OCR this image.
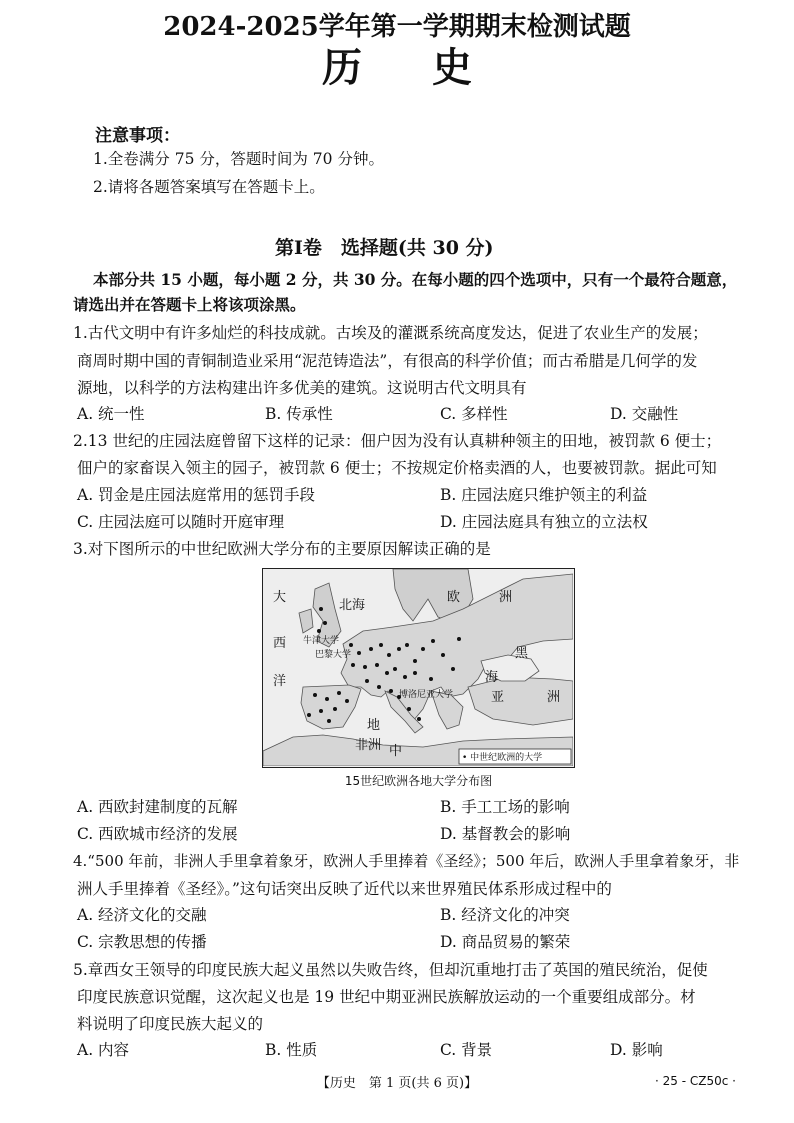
2024-2025学年第一学期期末检测试题
历史
注意事项：
1.全卷满分 75 分，答题时间为 70 分钟。
2.请将各题答案填写在答题卡上。
第Ⅰ卷　选择题(共 30 分)
本部分共 15 小题，每小题 2 分，共 30 分。在每小题的四个选项中，只有一个最符合题意，
请选出并在答题卡上将该项涂黑。
1.古代文明中有许多灿烂的科技成就。古埃及的灌溉系统高度发达，促进了农业生产的发展；
商周时期中国的青铜制造业采用“泥范铸造法”，有很高的科学价值；而古希腊是几何学的发
源地，以科学的方法构建出许多优美的建筑。这说明古代文明具有
A. 统一性	B. 传承性	C. 多样性	D. 交融性
2.13 世纪的庄园法庭曾留下这样的记录：佃户因为没有认真耕种领主的田地，被罚款 6 便士；
佃户的家畜误入领主的园子，被罚款 6 便士；不按规定价格卖酒的人，也要被罚款。据此可知
A. 罚金是庄园法庭常用的惩罚手段	B. 庄园法庭只维护领主的利益
C. 庄园法庭可以随时开庭审理	D. 庄园法庭具有独立的立法权
3.对下图所示的中世纪欧洲大学分布的主要原因解读正确的是
欧	洲
大
西
洋
北海
黑
海
亚	洲
非洲
地
中
牛津大学
巴黎大学
博洛尼亚大学
• 中世纪欧洲的大学
15世纪欧洲各地大学分布图
A. 西欧封建制度的瓦解	B. 手工工场的影响
C. 西欧城市经济的发展	D. 基督教会的影响
4.“500 年前，非洲人手里拿着象牙，欧洲人手里捧着《圣经》；500 年后，欧洲人手里拿着象牙，非
洲人手里捧着《圣经》。”这句话突出反映了近代以来世界殖民体系形成过程中的
A. 经济文化的交融	B. 经济文化的冲突
C. 宗教思想的传播	D. 商品贸易的繁荣
5.章西女王领导的印度民族大起义虽然以失败告终，但却沉重地打击了英国的殖民统治，促使
印度民族意识觉醒，这次起义也是 19 世纪中期亚洲民族解放运动的一个重要组成部分。材
料说明了印度民族大起义的
A. 内容	B. 性质	C. 背景	D. 影响
【历史　第 1 页(共 6 页)】	· 25 - CZ50c ·
